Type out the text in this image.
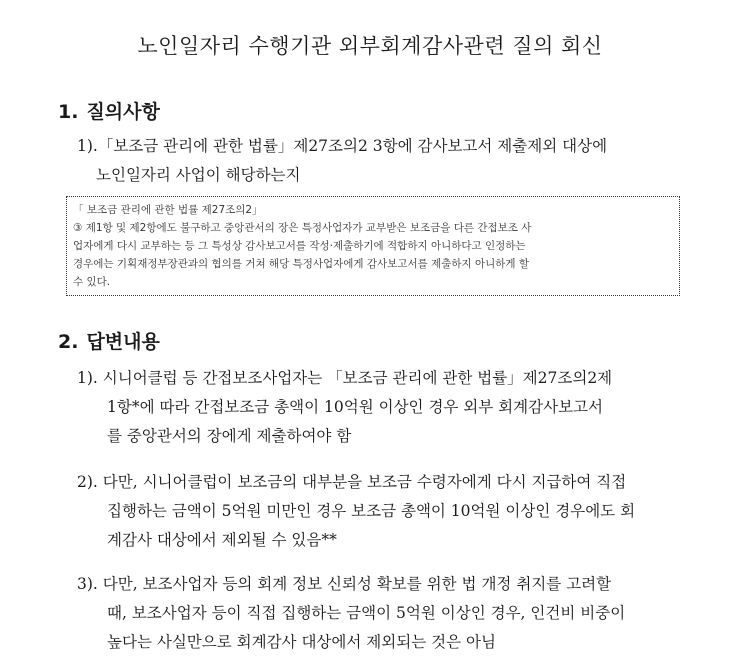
노인일자리 수행기관 외부회계감사관련 질의 회신
1. 질의사항
1).「보조금 관리에 관한 법률」제27조의2 3항에 감사보고서 제출제외 대상에
노인일자리 사업이 해당하는지
「 보조금 관리에 관한 법률 제27조의2」
③ 제1항 및 제2항에도 불구하고 중앙관서의 장은 특정사업자가 교부받은 보조금을 다른 간접보조 사
업자에게 다시 교부하는 등 그 특성상 감사보고서를 작성·제출하기에 적합하지 아니하다고 인정하는
경우에는 기획재정부장관과의 협의를 거쳐 해당 특정사업자에게 감사보고서를 제출하지 아니하게 할
수 있다.
2. 답변내용
1). 시니어클럽 등 간접보조사업자는 「보조금 관리에 관한 법률」제27조의2제
1항*에 따라 간접보조금 총액이 10억원 이상인 경우 외부 회계감사보고서
를 중앙관서의 장에게 제출하여야 함
2). 다만, 시니어클럽이 보조금의 대부분을 보조금 수령자에게 다시 지급하여 직접
집행하는 금액이 5억원 미만인 경우 보조금 총액이 10억원 이상인 경우에도 회
계감사 대상에서 제외될 수 있음**
3). 다만, 보조사업자 등의 회계 정보 신뢰성 확보를 위한 법 개정 취지를 고려할
때, 보조사업자 등이 직접 집행하는 금액이 5억원 이상인 경우, 인건비 비중이
높다는 사실만으로 회계감사 대상에서 제외되는 것은 아님
